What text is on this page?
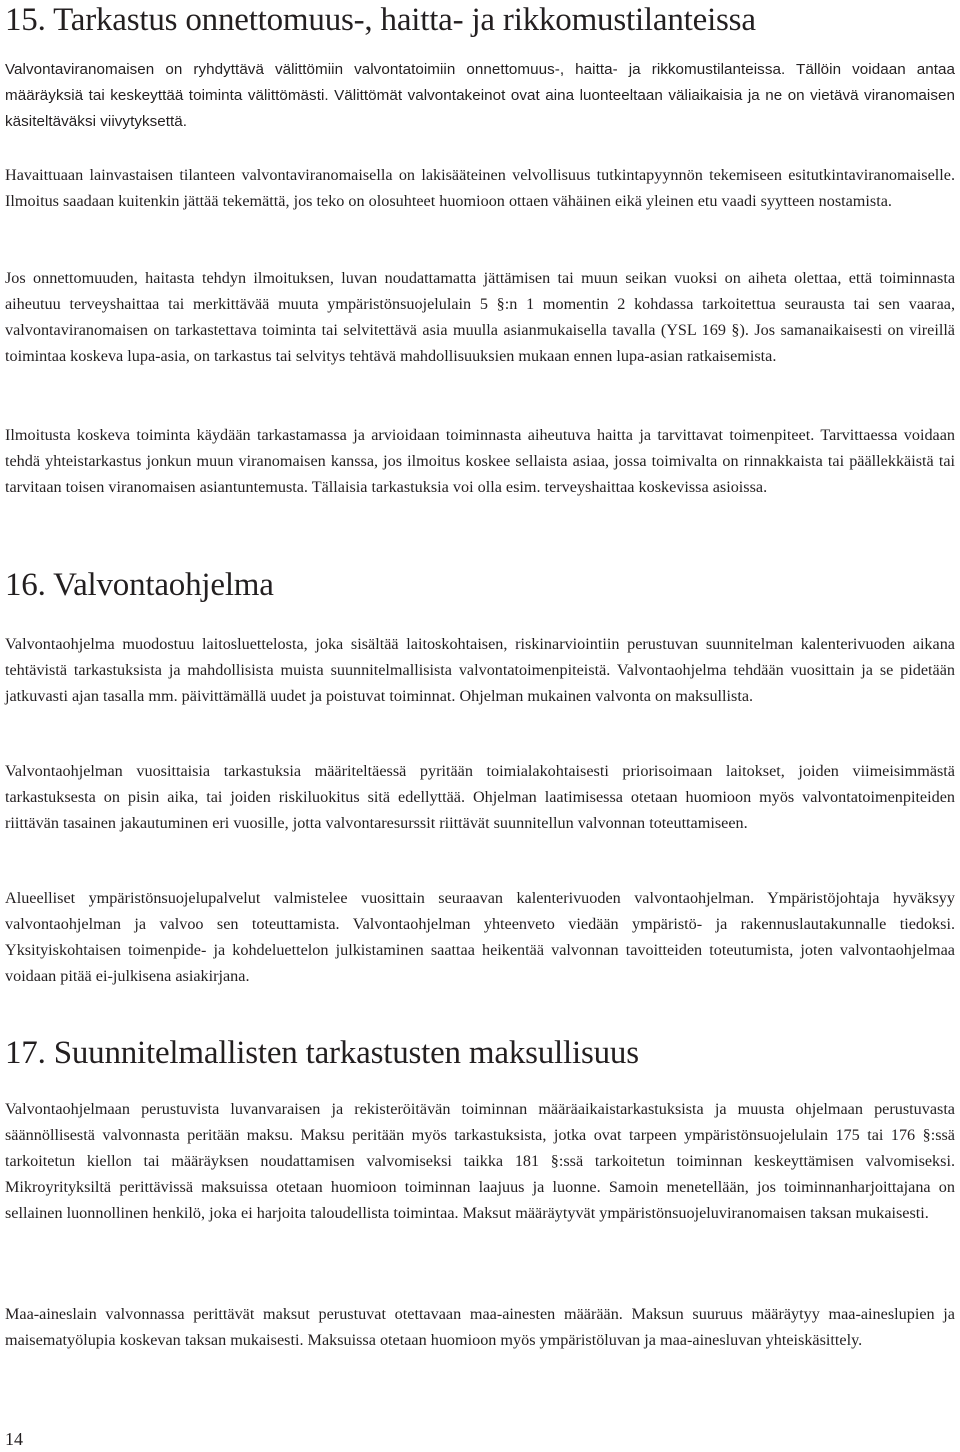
15. Tarkastus onnettomuus-, haitta- ja rikkomustilanteissa

Valvontaviranomaisen on ryhdyttävä välittömiin valvontatoimiin onnettomuus-, haitta- ja rikkomustilanteissa. Tällöin voidaan antaa määräyksiä tai keskeyttää toiminta välittömästi. Välittömät valvontakeinot ovat aina luonteeltaan väliaikaisia ja ne on vietävä viranomaisen käsiteltäväksi viivytyksettä.

Havaittuaan lainvastaisen tilanteen valvontaviranomaisella on lakisääteinen velvollisuus tutkintapyynnön tekemiseen esitutkintaviranomaiselle. Ilmoitus saadaan kuitenkin jättää tekemättä, jos teko on olosuhteet huomioon ottaen vähäinen eikä yleinen etu vaadi syytteen nostamista.

Jos onnettomuuden, haitasta tehdyn ilmoituksen, luvan noudattamatta jättämisen tai muun seikan vuoksi on aiheta olettaa, että toiminnasta aiheutuu terveyshaittaa tai merkittävää muuta ympäristönsuojelulain 5 §:n 1 momentin 2 kohdassa tarkoitettua seurausta tai sen vaaraa, valvontaviranomaisen on tarkastettava toiminta tai selvitettävä asia muulla asianmukaisella tavalla (YSL 169 §). Jos samanaikaisesti on vireillä toimintaa koskeva lupa-asia, on tarkastus tai selvitys tehtävä mahdollisuuksien mukaan ennen lupa-asian ratkaisemista.

Ilmoitusta koskeva toiminta käydään tarkastamassa ja arvioidaan toiminnasta aiheutuva haitta ja tarvittavat toimenpiteet. Tarvittaessa voidaan tehdä yhteistarkastus jonkun muun viranomaisen kanssa, jos ilmoitus koskee sellaista asiaa, jossa toimivalta on rinnakkaista tai päällekkäistä tai tarvitaan toisen viranomaisen asiantuntemusta. Tällaisia tarkastuksia voi olla esim. terveyshaittaa koskevissa asioissa.

16. Valvontaohjelma

Valvontaohjelma muodostuu laitosluettelosta, joka sisältää laitoskohtaisen, riskinarviointiin perustuvan suunnitelman kalenterivuoden aikana tehtävistä tarkastuksista ja mahdollisista muista suunnitelmallisista valvontatoimenpiteistä. Valvontaohjelma tehdään vuosittain ja se pidetään jatkuvasti ajan tasalla mm. päivittämällä uudet ja poistuvat toiminnat. Ohjelman mukainen valvonta on maksullista.

Valvontaohjelman vuosittaisia tarkastuksia määriteltäessä pyritään toimialakohtaisesti priorisoimaan laitokset, joiden viimeisimmästä tarkastuksesta on pisin aika, tai joiden riskiluokitus sitä edellyttää. Ohjelman laatimisessa otetaan huomioon myös valvontatoimenpiteiden riittävän tasainen jakautuminen eri vuosille, jotta valvontaresurssit riittävät suunnitellun valvonnan toteuttamiseen.

Alueelliset ympäristönsuojelupalvelut valmistelee vuosittain seuraavan kalenterivuoden valvontaohjelman. Ympäristöjohtaja hyväksyy valvontaohjelman ja valvoo sen toteuttamista. Valvontaohjelman yhteenveto viedään ympäristö- ja rakennuslautakunnalle tiedoksi. Yksityiskohtaisen toimenpide- ja kohdeluettelon julkistaminen saattaa heikentää valvonnan tavoitteiden toteutumista, joten valvontaohjelmaa voidaan pitää ei-julkisena asiakirjana.

17. Suunnitelmallisten tarkastusten maksullisuus

Valvontaohjelmaan perustuvista luvanvaraisen ja rekisteröitävän toiminnan määräaikaistarkastuksista ja muusta ohjelmaan perustuvasta säännöllisestä valvonnasta peritään maksu. Maksu peritään myös tarkastuksista, jotka ovat tarpeen ympäristönsuojelulain 175 tai 176 §:ssä tarkoitetun kiellon tai määräyksen noudattamisen valvomiseksi taikka 181 §:ssä tarkoitetun toiminnan keskeyttämisen valvomiseksi. Mikroyrityksiltä perittävissä maksuissa otetaan huomioon toiminnan laajuus ja luonne. Samoin menetellään, jos toiminnanharjoittajana on sellainen luonnollinen henkilö, joka ei harjoita taloudellista toimintaa. Maksut määräytyvät ympäristönsuojeluviranomaisen taksan mukaisesti.

Maa-aineslain valvonnassa perittävät maksut perustuvat otettavaan maa-ainesten määrään. Maksun suuruus määräytyy maa-aineslupien ja maisematyölupia koskevan taksan mukaisesti. Maksuissa otetaan huomioon myös ympäristöluvan ja maa-ainesluvan yhteiskäsittely.

14
